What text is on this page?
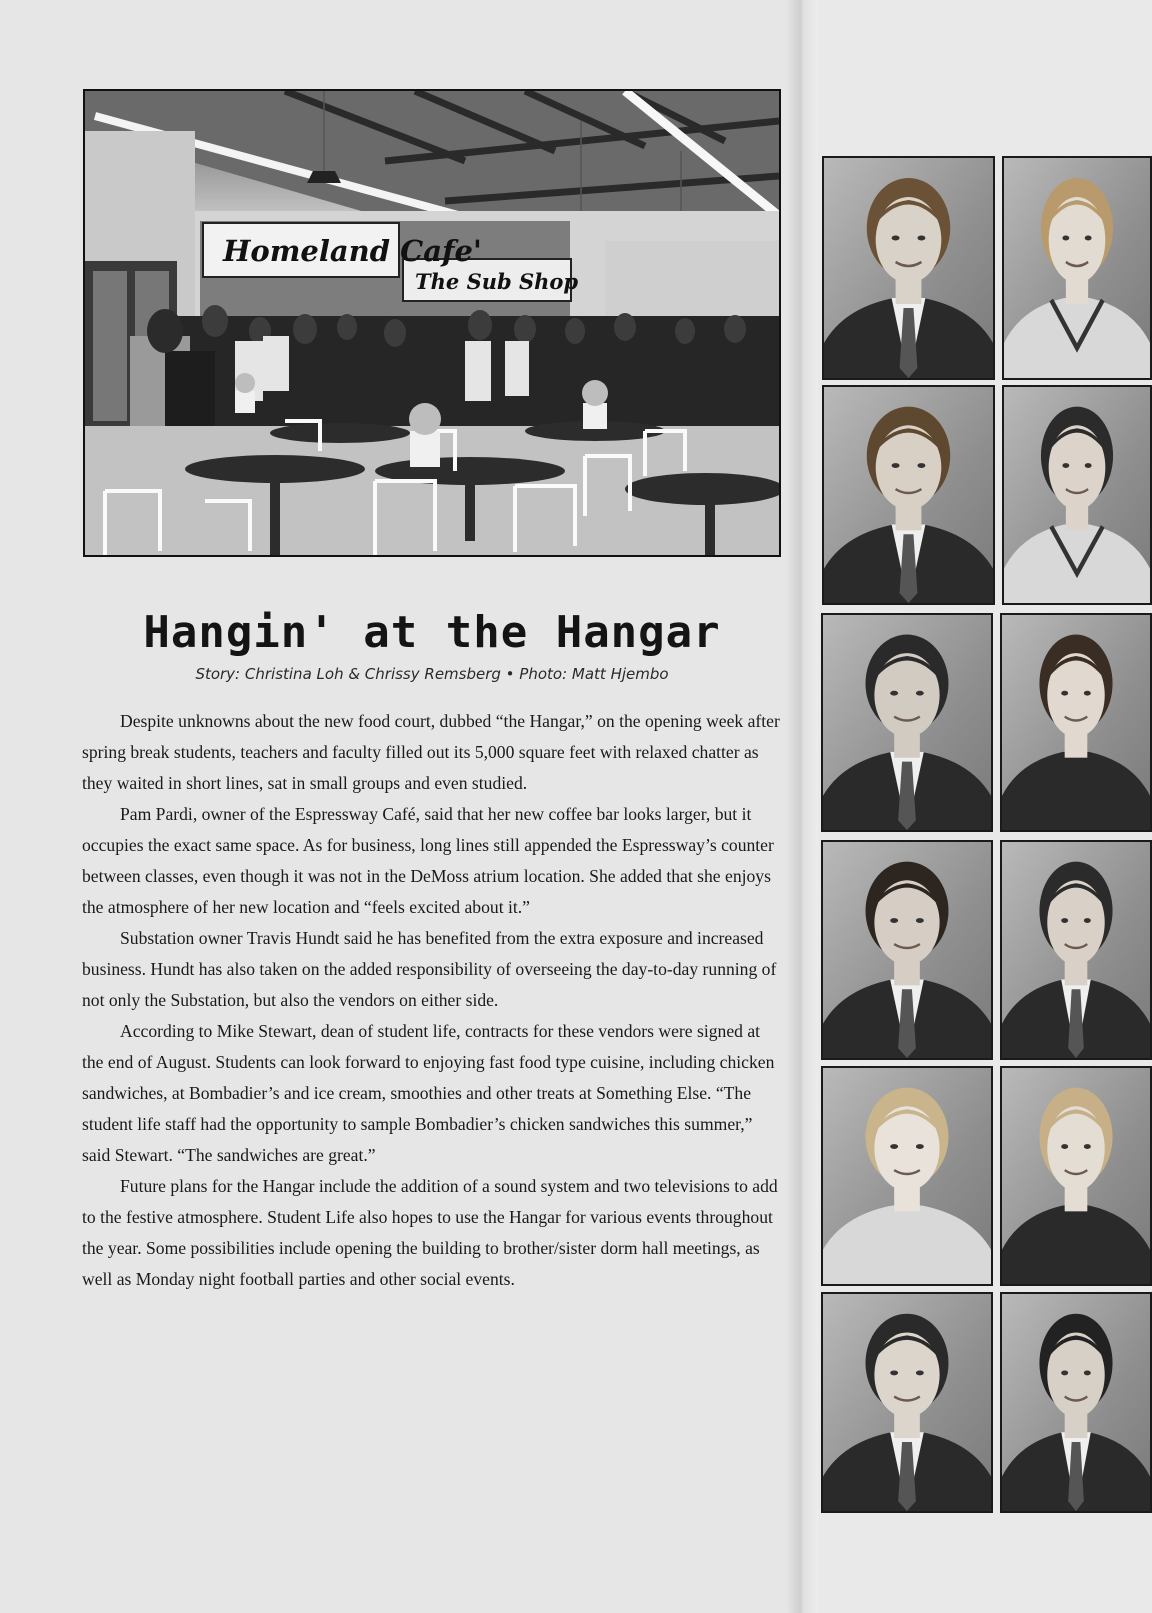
Homeland Cafe'
The Sub Shop
Hangin' at the Hangar

Story: Christina Loh & Chrissy Remsberg • Photo: Matt Hjembo

Despite unknowns about the new food court, dubbed “the Hangar,” on the opening week after spring break students, teachers and faculty filled out its 5,000 square feet with relaxed chatter as they waited in short lines, sat in small groups and even studied.

Pam Pardi, owner of the Espressway Café, said that her new coffee bar looks larger, but it occupies the exact same space. As for business, long lines still appended the Espressway’s counter between classes, even though it was not in the DeMoss atrium location. She added that she enjoys the atmosphere of her new location and “feels excited about it.”

Substation owner Travis Hundt said he has benefited from the extra exposure and increased business. Hundt has also taken on the added responsibility of overseeing the day-to-day running of not only the Substation, but also the vendors on either side.

According to Mike Stewart, dean of student life, contracts for these vendors were signed at the end of August. Students can look forward to enjoying fast food type cuisine, including chicken sandwiches, at Bombadier’s and ice cream, smoothies and other treats at Something Else. “The student life staff had the opportunity to sample Bombadier’s chicken sandwiches this summer,” said Stewart. “The sandwiches are great.”

Future plans for the Hangar include the addition of a sound system and two televisions to add to the festive atmosphere. Student Life also hopes to use the Hangar for various events throughout the year. Some possibilities include opening the building to brother/sister dorm hall meetings, as well as Monday night football parties and other social events.
